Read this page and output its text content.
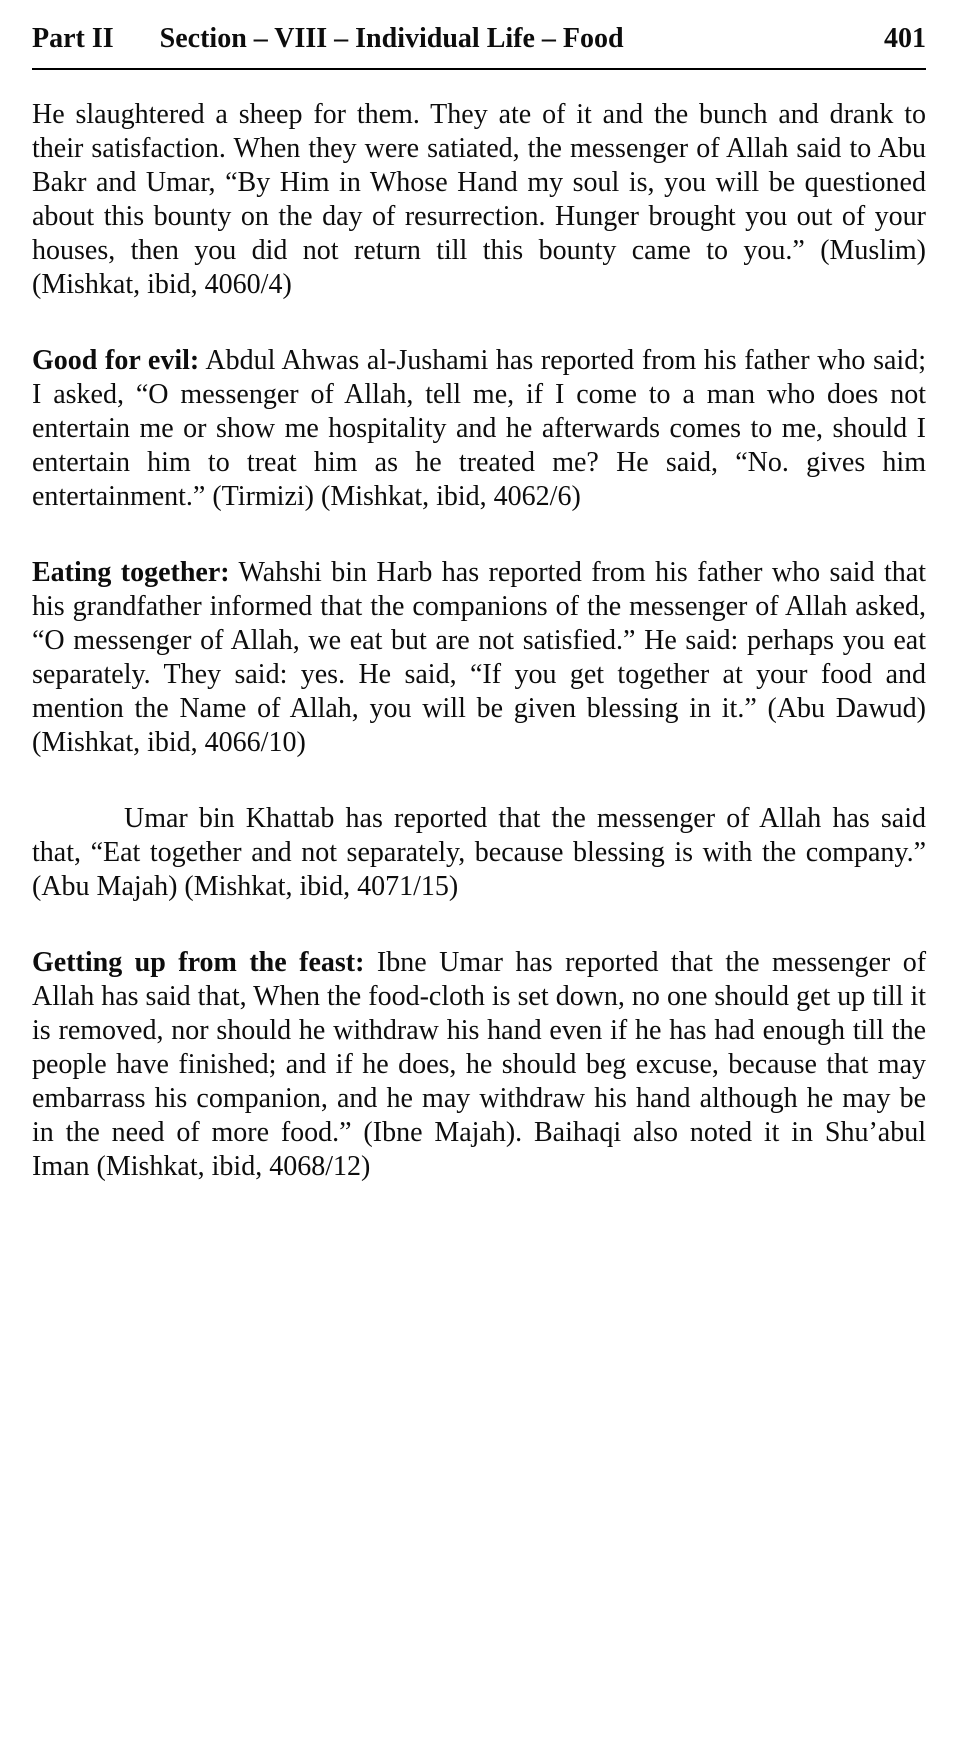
Part II Section – VIII – Individual Life – Food	401

He slaughtered a sheep for them. They ate of it and the bunch and drank to their satisfaction. When they were satiated, the messenger of Allah said to Abu Bakr and Umar, “By Him in Whose Hand my soul is, you will be questioned about this bounty on the day of resurrection. Hunger brought you out of your houses, then you did not return till this bounty came to you.” (Muslim) (Mishkat, ibid, 4060/4)

Good for evil: Abdul Ahwas al-Jushami has reported from his father who said; I asked, “O messenger of Allah, tell me, if I come to a man who does not entertain me or show me hospitality and he afterwards comes to me, should I entertain him to treat him as he treated me? He said, “No. gives him entertainment.” (Tirmizi) (Mishkat, ibid, 4062/6)

Eating together: Wahshi bin Harb has reported from his father who said that his grandfather informed that the companions of the messenger of Allah asked, “O messenger of Allah, we eat but are not satisfied.” He said: perhaps you eat separately. They said: yes. He said, “If you get together at your food and mention the Name of Allah, you will be given blessing in it.” (Abu Dawud) (Mishkat, ibid, 4066/10)

Umar bin Khattab has reported that the messenger of Allah has said that, “Eat together and not separately, because blessing is with the company.” (Abu Majah) (Mishkat, ibid, 4071/15)

Getting up from the feast: Ibne Umar has reported that the messenger of Allah has said that, When the food-cloth is set down, no one should get up till it is removed, nor should he withdraw his hand even if he has had enough till the people have finished; and if he does, he should beg excuse, because that may embarrass his companion, and he may withdraw his hand although he may be in the need of more food.” (Ibne Majah). Baihaqi also noted it in Shu’abul Iman (Mishkat, ibid, 4068/12)
